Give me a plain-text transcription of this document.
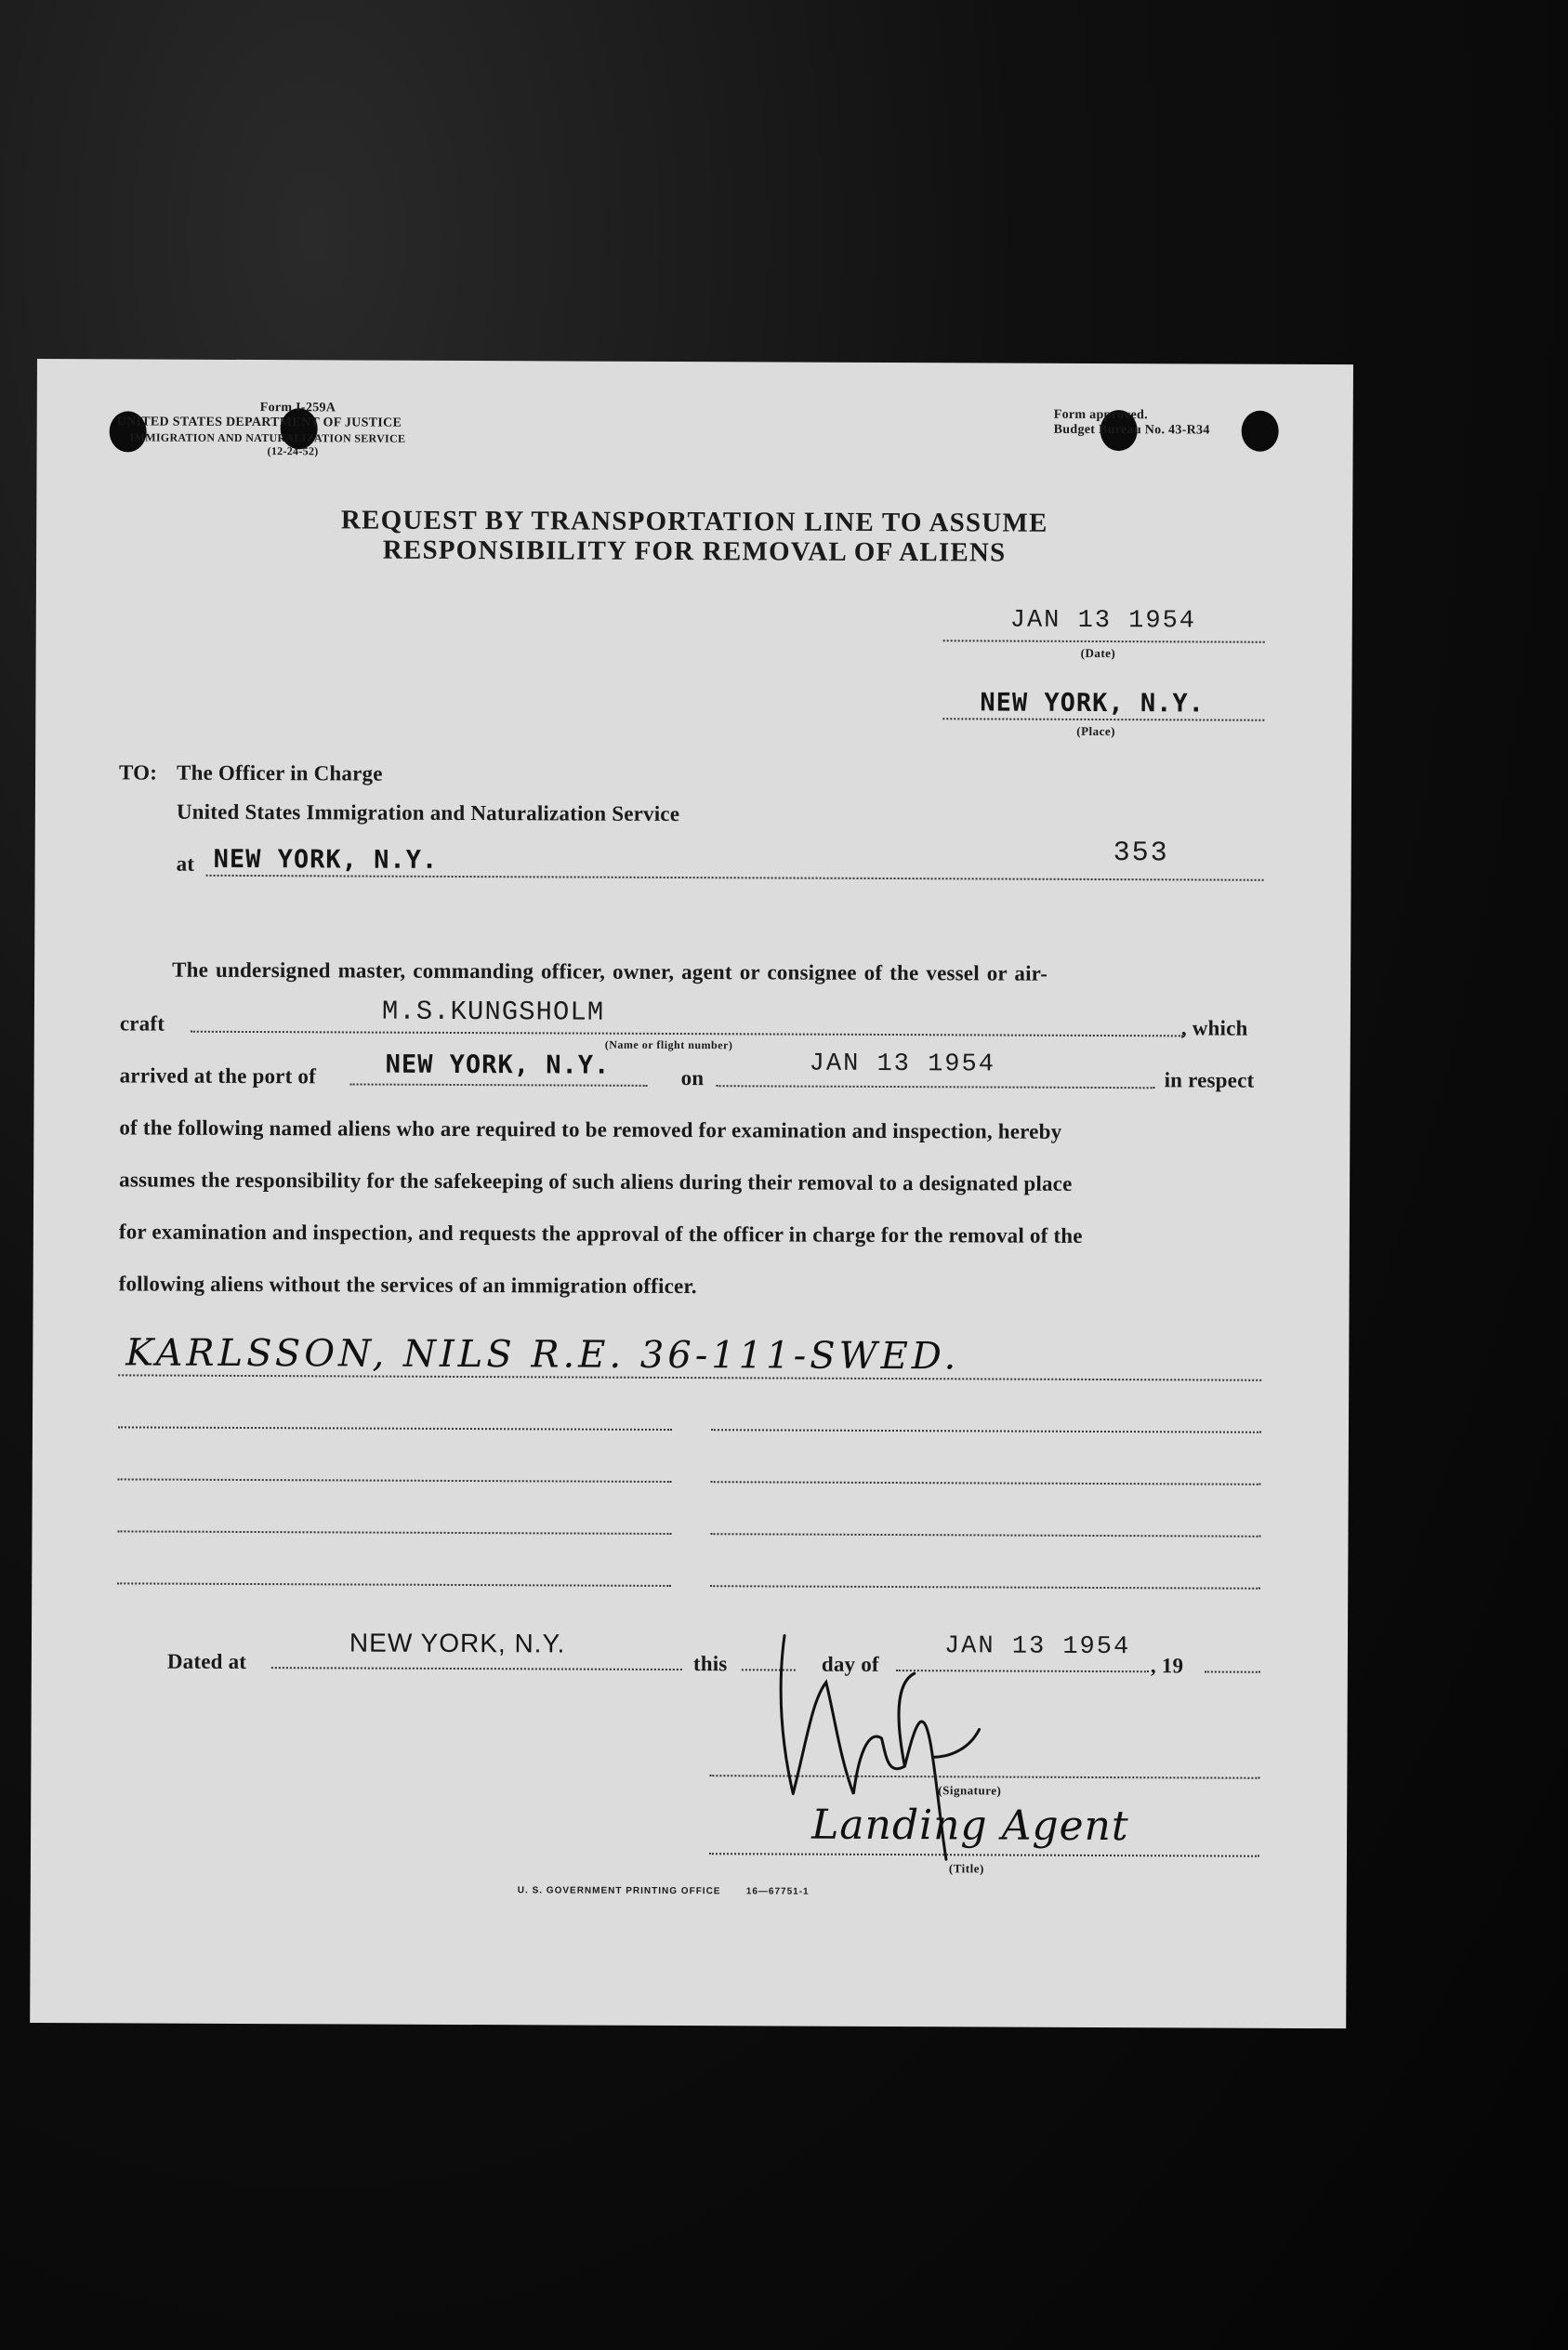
Form I-259A
UNITED STATES DEPARTMENT OF JUSTICE
IMMIGRATION AND NATURALIZATION SERVICE
(12-24-52)
Form approved.
Budget Bureau No. 43-R34
REQUEST BY TRANSPORTATION LINE TO ASSUME
RESPONSIBILITY FOR REMOVAL OF ALIENS
JAN 13 1954
(Date)
NEW YORK, N.Y.
(Place)
TO: The Officer in Charge
United States Immigration and Naturalization Service
at NEW YORK, N.Y.	353
The undersigned master, commanding officer, owner, agent or consignee of the vessel or air-
craft	M.S.KUNGSHOLM
(Name or flight number)
, which
arrived at the port of	NEW YORK, N.Y.	on	JAN 13 1954
in respect
of the following named aliens who are required to be removed for examination and inspection, hereby
assumes the responsibility for the safekeeping of such aliens during their removal to a designated place
for examination and inspection, and requests the approval of the officer in charge for the removal of the
following aliens without the services of an immigration officer.
KARLSSON, NILS R.E. 36-111-SWED.
Dated at
NEW YORK, N.Y.
this	day of
JAN 13 1954
, 19
(Signature)
Landing Agent
(Title)
U. S. GOVERNMENT PRINTING OFFICE	16—67751-1
